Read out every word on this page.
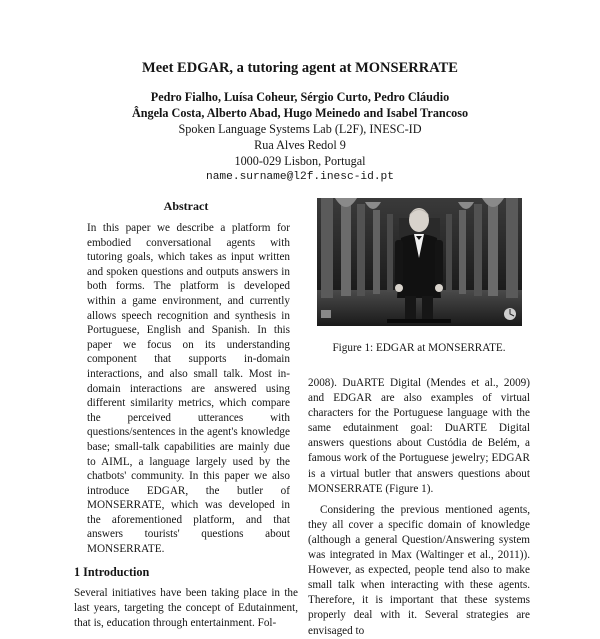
Meet EDGAR, a tutoring agent at MONSERRATE
Pedro Fialho, Luísa Coheur, Sérgio Curto, Pedro Cláudio
Ângela Costa, Alberto Abad, Hugo Meinedo and Isabel Trancoso
Spoken Language Systems Lab (L2F), INESC-ID
Rua Alves Redol 9
1000-029 Lisbon, Portugal
name.surname@l2f.inesc-id.pt
Abstract

In this paper we describe a platform for embodied conversational agents with tutoring goals, which takes as input written and spoken questions and outputs answers in both forms. The platform is developed within a game environment, and currently allows speech recognition and synthesis in Portuguese, English and Spanish. In this paper we focus on its understanding component that supports in-domain interactions, and also small talk. Most in-domain interactions are answered using different similarity metrics, which compare the perceived utterances with questions/sentences in the agent's knowledge base; small-talk capabilities are mainly due to AIML, a language largely used by the chatbots' community. In this paper we also introduce EDGAR, the butler of MONSERRATE, which was developed in the aforementioned platform, and that answers tourists' questions about MONSERRATE.

1 Introduction

Several initiatives have been taking place in the last years, targeting the concept of Edutainment, that is, education through entertainment. Fol-

Figure 1: EDGAR at MONSERRATE.

2008). DuARTE Digital (Mendes et al., 2009) and EDGAR are also examples of virtual characters for the Portuguese language with the same edutainment goal: DuARTE Digital answers questions about Custódia de Belém, a famous work of the Portuguese jewelry; EDGAR is a virtual butler that answers questions about MONSERRATE (Figure 1).

Considering the previous mentioned agents, they all cover a specific domain of knowledge (although a general Question/Answering system was integrated in Max (Waltinger et al., 2011)). However, as expected, people tend also to make small talk when interacting with these agents. Therefore, it is important that these systems properly deal with it. Several strategies are envisaged to
